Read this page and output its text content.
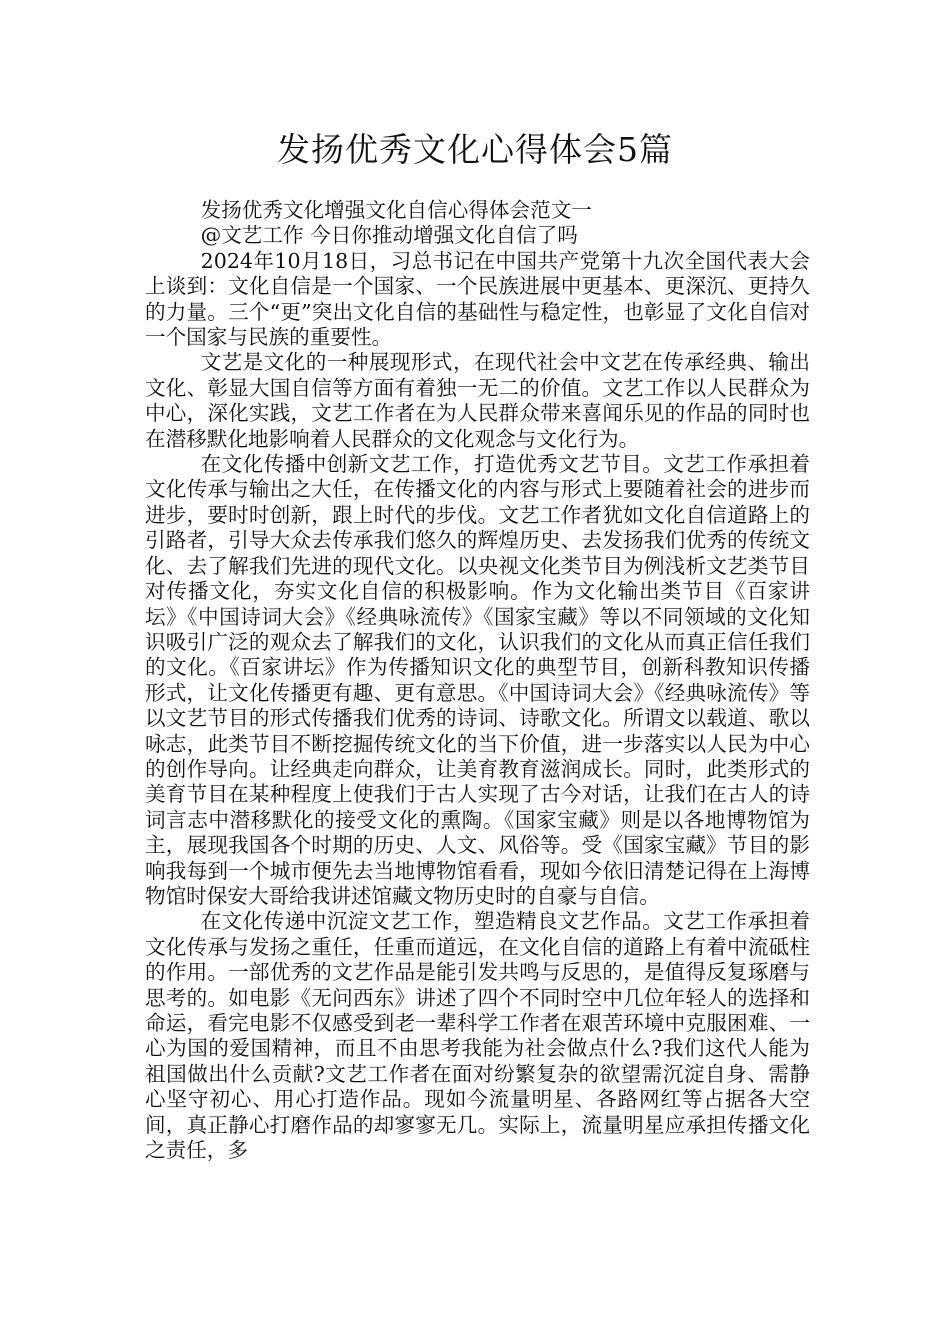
发扬优秀文化心得体会5篇

发扬优秀文化增强文化自信心得体会范文一

@文艺工作 今日你推动增强文化自信了吗

2024年10月18日，习总书记在中国共产党第十九次全国代表大会上谈到：文化自信是一个国家、一个民族进展中更基本、更深沉、更持久的力量。三个“更”突出文化自信的基础性与稳定性，也彰显了文化自信对一个国家与民族的重要性。

文艺是文化的一种展现形式，在现代社会中文艺在传承经典、输出文化、彰显大国自信等方面有着独一无二的价值。文艺工作以人民群众为中心，深化实践，文艺工作者在为人民群众带来喜闻乐见的作品的同时也在潜移默化地影响着人民群众的文化观念与文化行为。

在文化传播中创新文艺工作，打造优秀文艺节目。文艺工作承担着文化传承与输出之大任，在传播文化的内容与形式上要随着社会的进步而进步，要时时创新，跟上时代的步伐。文艺工作者犹如文化自信道路上的引路者，引导大众去传承我们悠久的辉煌历史、去发扬我们优秀的传统文化、去了解我们先进的现代文化。以央视文化类节目为例浅析文艺类节目对传播文化，夯实文化自信的积极影响。作为文化输出类节目《百家讲坛》《中国诗词大会》《经典咏流传》《国家宝藏》等以不同领域的文化知识吸引广泛的观众去了解我们的文化，认识我们的文化从而真正信任我们的文化。《百家讲坛》作为传播知识文化的典型节目，创新科教知识传播形式，让文化传播更有趣、更有意思。《中国诗词大会》《经典咏流传》等以文艺节目的形式传播我们优秀的诗词、诗歌文化。所谓文以载道、歌以咏志，此类节目不断挖掘传统文化的当下价值，进一步落实以人民为中心的创作导向。让经典走向群众，让美育教育滋润成长。同时，此类形式的美育节目在某种程度上使我们于古人实现了古今对话，让我们在古人的诗词言志中潜移默化的接受文化的熏陶。《国家宝藏》则是以各地博物馆为主，展现我国各个时期的历史、人文、风俗等。受《国家宝藏》节目的影响我每到一个城市便先去当地博物馆看看，现如今依旧清楚记得在上海博物馆时保安大哥给我讲述馆藏文物历史时的自豪与自信。

在文化传递中沉淀文艺工作，塑造精良文艺作品。文艺工作承担着文化传承与发扬之重任，任重而道远，在文化自信的道路上有着中流砥柱的作用。一部优秀的文艺作品是能引发共鸣与反思的，是值得反复琢磨与思考的。如电影《无问西东》讲述了四个不同时空中几位年轻人的选择和命运，看完电影不仅感受到老一辈科学工作者在艰苦环境中克服困难、一心为国的爱国精神，而且不由思考我能为社会做点什么?我们这代人能为祖国做出什么贡献?文艺工作者在面对纷繁复杂的欲望需沉淀自身、需静心坚守初心、用心打造作品。现如今流量明星、各路网红等占据各大空间，真正静心打磨作品的却寥寥无几。实际上，流量明星应承担传播文化之责任，多
